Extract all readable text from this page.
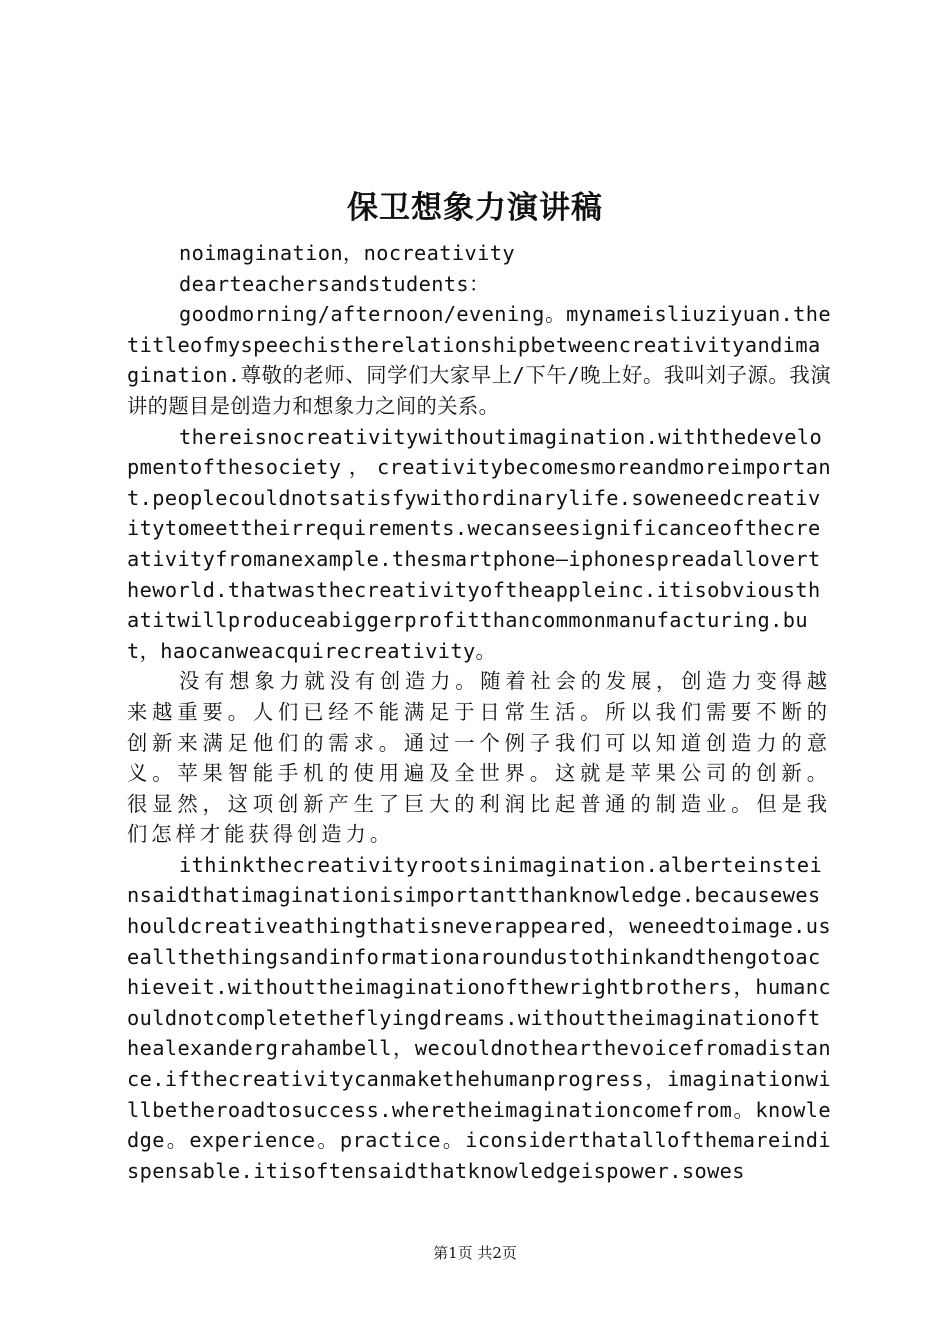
保卫想象力演讲稿

noimagination，nocreativity

dearteachersandstudents：

goodmorning/afternoon/evening。mynameisliuziyuan.thetitleofmyspeechistherelationshipbetweencreativityandimagination.尊敬的老师、同学们大家早上/下午/晚上好。我叫刘子源。我演讲的题目是创造力和想象力之间的关系。

thereisnocreativitywithoutimagination.withthedevelopmentofthesociety，creativitybecomesmoreandmoreimportant.peoplecouldnotsatisfywithordinarylife.soweneedcreativitytomeettheirrequirements.wecanseesignificanceofthecreativityfromanexample.thesmartphone—iphonespreadallovertheworld.thatwasthecreativityoftheappleinc.itisobviousthatitwillproduceabiggerprofitthancommonmanufacturing.but，haocanweacquirecreativity。

没有想象力就没有创造力。随着社会的发展，创造力变得越来越重要。人们已经不能满足于日常生活。所以我们需要不断的创新来满足他们的需求。通过一个例子我们可以知道创造力的意义。苹果智能手机的使用遍及全世界。这就是苹果公司的创新。很显然，这项创新产生了巨大的利润比起普通的制造业。但是我们怎样才能获得创造力。

ithinkthecreativityrootsinimagination.alberteinsteinsaidthatimaginationisimportantthanknowledge.becauseweshouldcreativeathingthatisneverappeared，weneedtoimage.useallthethingsandinformationaroundustothinkandthengotoachieveit.withouttheimaginationofthewrightbrothers，humancouldnotcompletetheflyingdreams.withouttheimaginationofthealexandergrahambell，wecouldnothearthevoicefromadistance.ifthecreativitycanmakethehumanprogress，imaginationwillbetheroadtosuccess.wheretheimaginationcomefrom。knowledge。experience。practice。iconsiderthatallofthemareindispensable.itisoftensaidthatknowledgeispower.sowes

第1页 共2页
